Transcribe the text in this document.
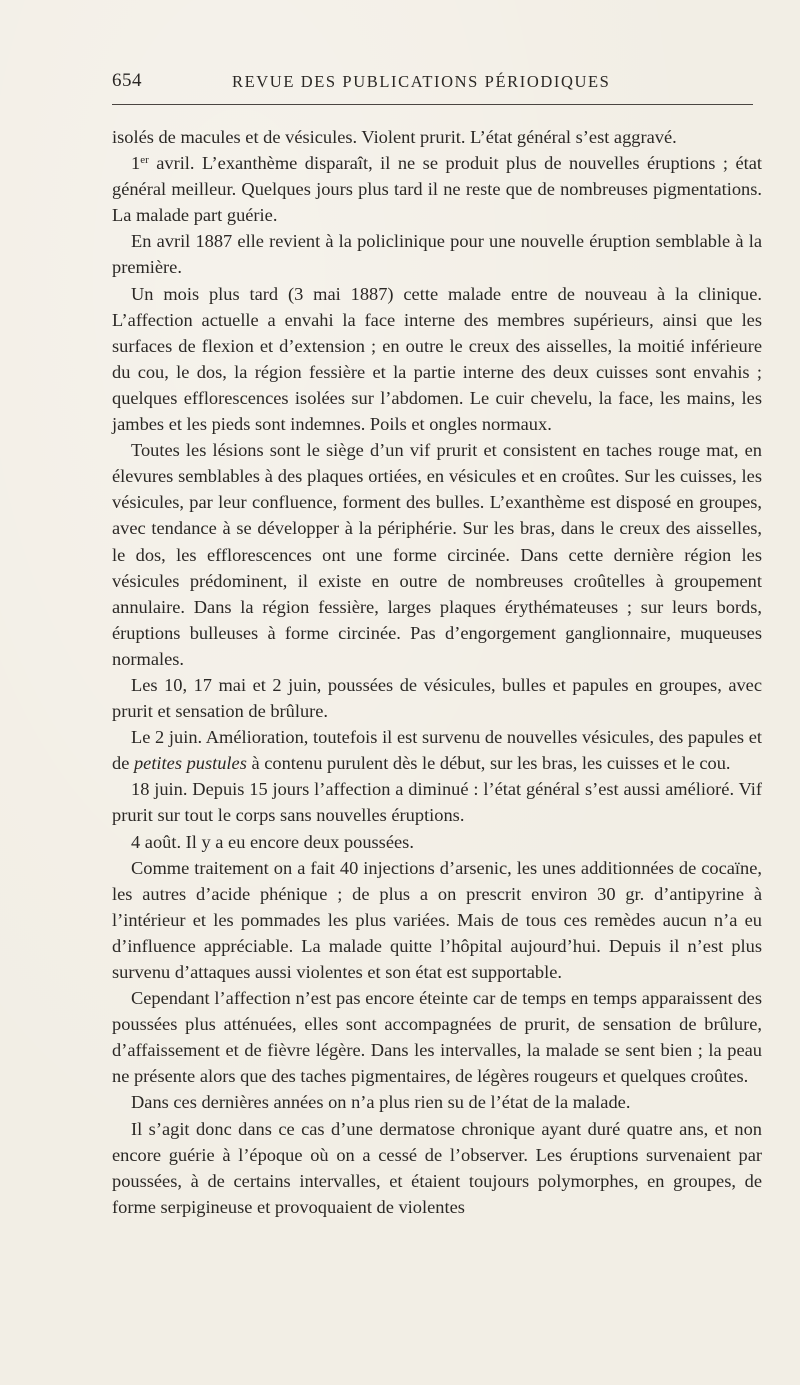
654	REVUE DES PUBLICATIONS PÉRIODIQUES

isolés de macules et de vésicules. Violent prurit. L’état général s’est aggravé.

1er avril. L’exanthème disparaît, il ne se produit plus de nouvelles éruptions ; état général meilleur. Quelques jours plus tard il ne reste que de nombreuses pigmentations. La malade part guérie.

En avril 1887 elle revient à la policlinique pour une nouvelle éruption semblable à la première.

Un mois plus tard (3 mai 1887) cette malade entre de nouveau à la clinique. L’affection actuelle a envahi la face interne des membres supérieurs, ainsi que les surfaces de flexion et d’extension ; en outre le creux des aisselles, la moitié inférieure du cou, le dos, la région fessière et la partie interne des deux cuisses sont envahis ; quelques efflorescences isolées sur l’abdomen. Le cuir chevelu, la face, les mains, les jambes et les pieds sont indemnes. Poils et ongles normaux.

Toutes les lésions sont le siège d’un vif prurit et consistent en taches rouge mat, en élevures semblables à des plaques ortiées, en vésicules et en croûtes. Sur les cuisses, les vésicules, par leur confluence, forment des bulles. L’exanthème est disposé en groupes, avec tendance à se développer à la périphérie. Sur les bras, dans le creux des aisselles, le dos, les efflorescences ont une forme circinée. Dans cette dernière région les vésicules prédominent, il existe en outre de nombreuses croûtelles à groupement annulaire. Dans la région fessière, larges plaques érythémateuses ; sur leurs bords, éruptions bulleuses à forme circinée. Pas d’engorgement ganglionnaire, muqueuses normales.

Les 10, 17 mai et 2 juin, poussées de vésicules, bulles et papules en groupes, avec prurit et sensation de brûlure.

Le 2 juin. Amélioration, toutefois il est survenu de nouvelles vésicules, des papules et de petites pustules à contenu purulent dès le début, sur les bras, les cuisses et le cou.

18 juin. Depuis 15 jours l’affection a diminué : l’état général s’est aussi amélioré. Vif prurit sur tout le corps sans nouvelles éruptions.

4 août. Il y a eu encore deux poussées.

Comme traitement on a fait 40 injections d’arsenic, les unes additionnées de cocaïne, les autres d’acide phénique ; de plus a on prescrit environ 30 gr. d’antipyrine à l’intérieur et les pommades les plus variées. Mais de tous ces remèdes aucun n’a eu d’influence appréciable. La malade quitte l’hôpital aujourd’hui. Depuis il n’est plus survenu d’attaques aussi violentes et son état est supportable.

Cependant l’affection n’est pas encore éteinte car de temps en temps apparaissent des poussées plus atténuées, elles sont accompagnées de prurit, de sensation de brûlure, d’affaissement et de fièvre légère. Dans les intervalles, la malade se sent bien ; la peau ne présente alors que des taches pigmentaires, de légères rougeurs et quelques croûtes.

Dans ces dernières années on n’a plus rien su de l’état de la malade.

Il s’agit donc dans ce cas d’une dermatose chronique ayant duré quatre ans, et non encore guérie à l’époque où on a cessé de l’observer. Les éruptions survenaient par poussées, à de certains intervalles, et étaient toujours polymorphes, en groupes, de forme serpigineuse et provoquaient de violentes
